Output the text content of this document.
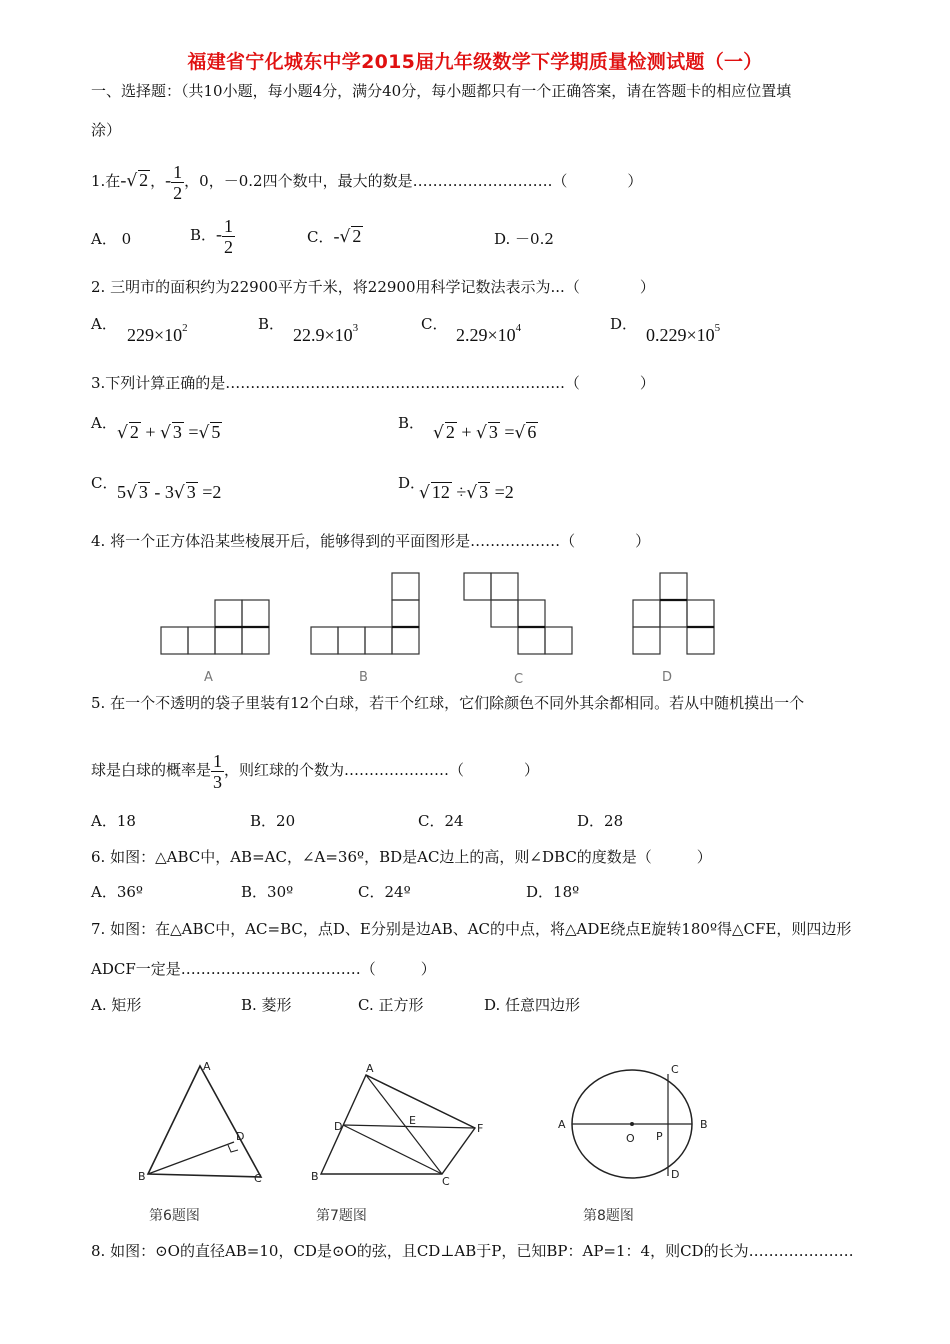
福建省宁化城东中学2015届九年级数学下学期质量检测试题（一）
一、选择题：（共10小题，每小题4分，满分40分，每小题都只有一个正确答案，请在答题卡的相应位置填
涂）
1.在-√ 2 ，- $\frac{1}{2}$ ，0，－0.2四个数中，最大的数是……………………….（　　　　）
A． 0	B．- $\frac{1}{2}$	C．-√ 2	D. －0.2
2. 三明市的面积约为22900平方千米，将22900用科学记数法表示为...（　　　　）
A．
$229\times 10^2$	B．
$22.9\times 10^3$	C．
$2.29\times 10^4$	D．
$0.229\times 10^5$
3.下列计算正确的是…………………………………………………………..（　　　　）
A． √ 2 + √ 3 =√ 5	B． √ 2 + √ 3 =√ 6
C． 5√ 3 - 3√ 3 =2	D．
√ 12 ÷√ 3 =2
4. 将一个正方体沿某些棱展开后，能够得到的平面图形是………………（　　　　）
A	B	C	D
5. 在一个不透明的袋子里装有12个白球，若干个红球，它们除颜色不同外其余都相同。若从中随机摸出一个
球是白球的概率是 $\frac{1}{3}$ ，则红球的个数为…………………（　　　　）
A．18	B．20	C．24	D．28
6. 如图：△ABC中，AB=AC，∠A=36º，BD是AC边上的高，则∠DBC的度数是（　　　）
A．36º	B．30º	C．24º	D．18º
7. 如图：在△ABC中，AC=BC，点D、E分别是边AB、AC的中点，将△ADE绕点E旋转180º得△CFE，则四边形
ADCF一定是………………………………（　　　）
A. 矩形	B. 菱形	C. 正方形	D. 任意四边形
A
B	C
D
A
B	C
D	E
F	A	B
C
D
O P
第6题图	第7题图	第8题图
8. 如图：⊙O的直径AB=10，CD是⊙O的弦，且CD⊥AB于P，已知BP：AP=1：4，则CD的长为…………………
